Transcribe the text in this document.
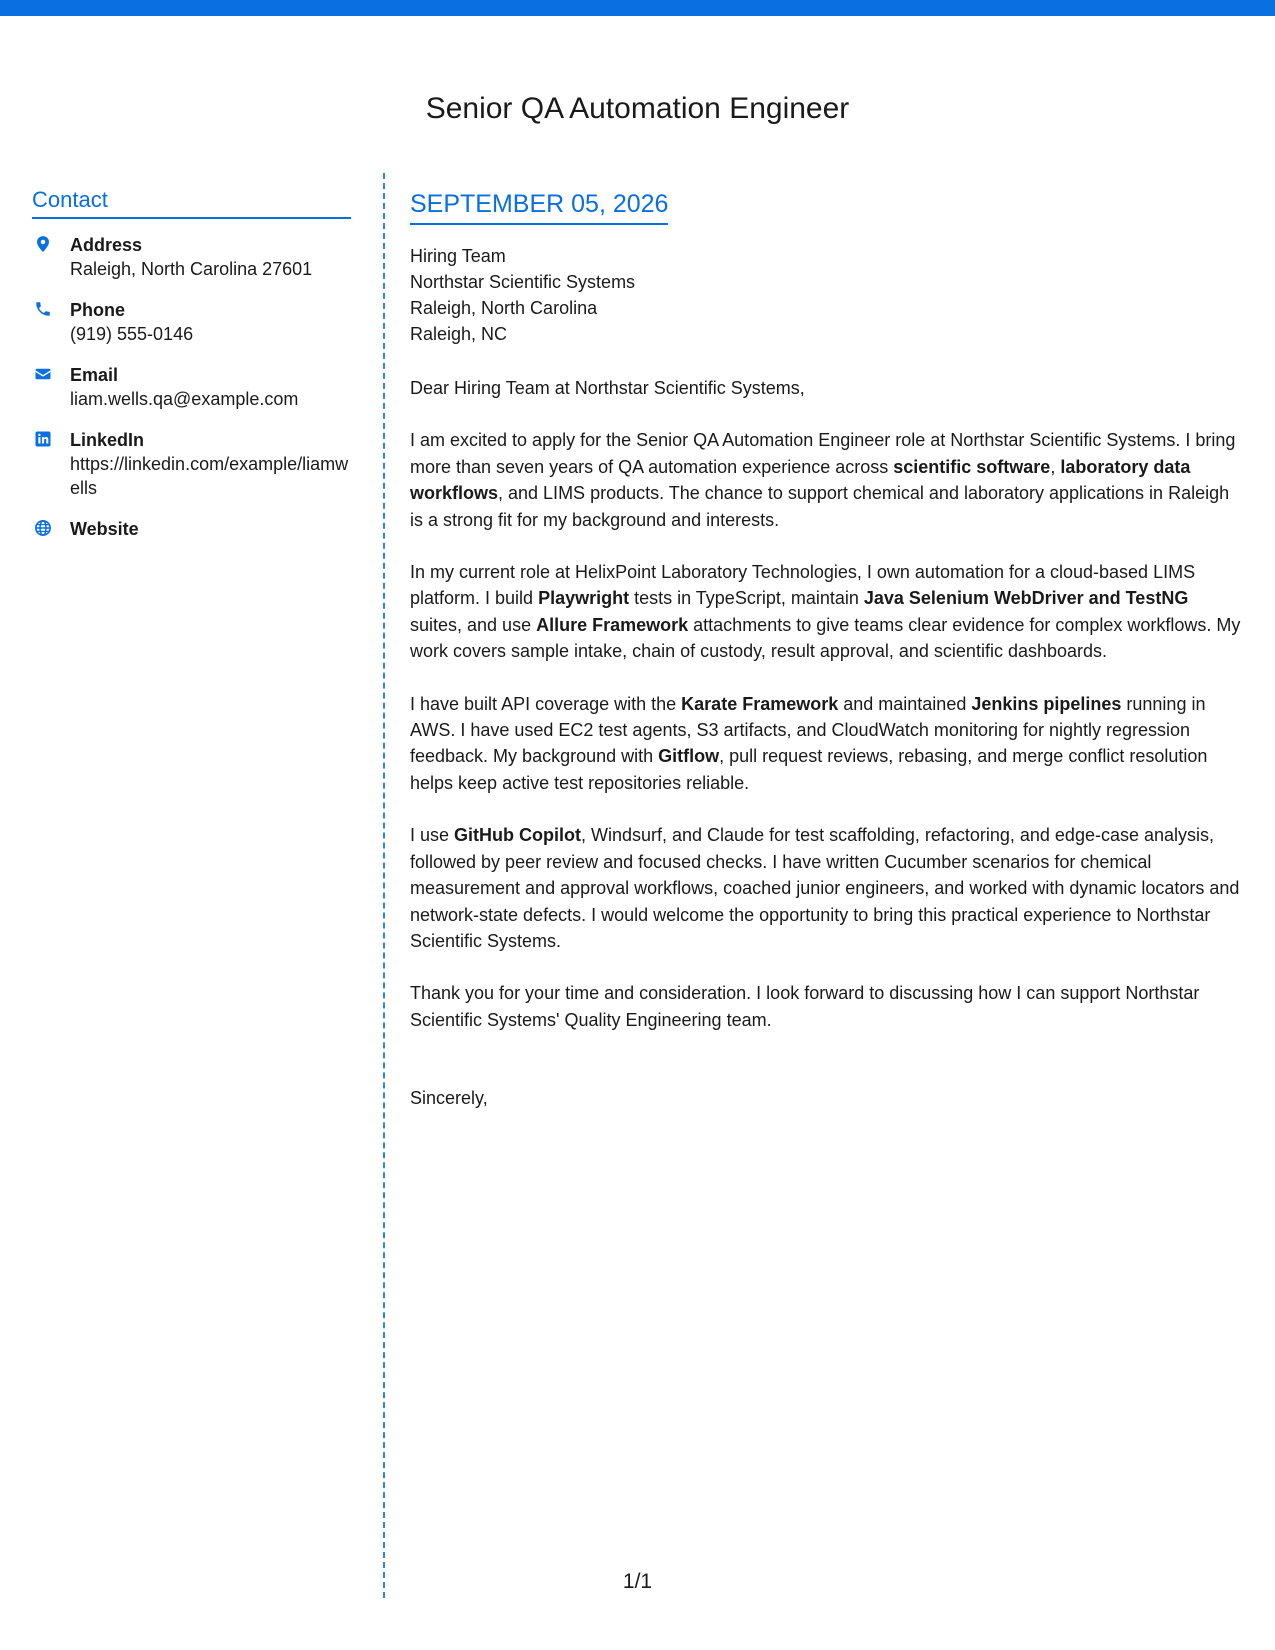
Senior QA Automation Engineer
Contact
Address
Raleigh, North Carolina 27601
Phone
(919) 555-0146
Email
liam.wells.qa@example.com
LinkedIn
https://linkedin.com/example/liamwells
Website
SEPTEMBER 05, 2026
Hiring Team
Northstar Scientific Systems
Raleigh, North Carolina
Raleigh, NC
Dear Hiring Team at Northstar Scientific Systems,
I am excited to apply for the Senior QA Automation Engineer role at Northstar Scientific Systems. I bring more than seven years of QA automation experience across scientific software, laboratory data workflows, and LIMS products. The chance to support chemical and laboratory applications in Raleigh is a strong fit for my background and interests.
In my current role at HelixPoint Laboratory Technologies, I own automation for a cloud-based LIMS platform. I build Playwright tests in TypeScript, maintain Java Selenium WebDriver and TestNG suites, and use Allure Framework attachments to give teams clear evidence for complex workflows. My work covers sample intake, chain of custody, result approval, and scientific dashboards.
I have built API coverage with the Karate Framework and maintained Jenkins pipelines running in AWS. I have used EC2 test agents, S3 artifacts, and CloudWatch monitoring for nightly regression feedback. My background with Gitflow, pull request reviews, rebasing, and merge conflict resolution helps keep active test repositories reliable.
I use GitHub Copilot, Windsurf, and Claude for test scaffolding, refactoring, and edge-case analysis, followed by peer review and focused checks. I have written Cucumber scenarios for chemical measurement and approval workflows, coached junior engineers, and worked with dynamic locators and network-state defects. I would welcome the opportunity to bring this practical experience to Northstar Scientific Systems.
Thank you for your time and consideration. I look forward to discussing how I can support Northstar Scientific Systems' Quality Engineering team.
Sincerely,
1/1
